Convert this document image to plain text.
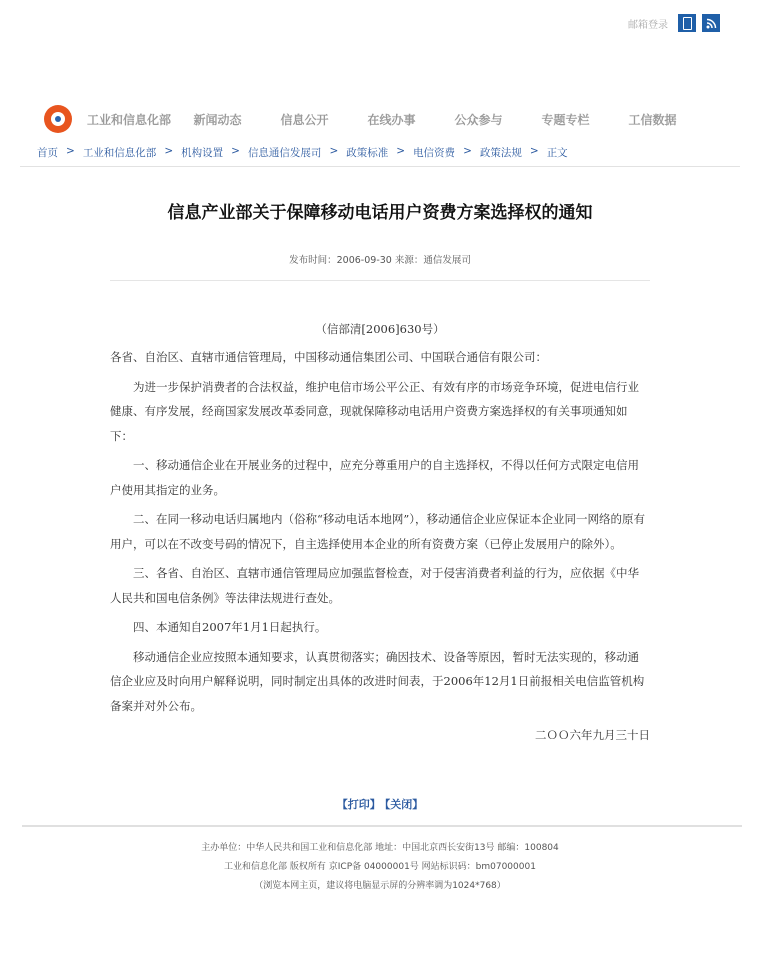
邮箱登录
工业和信息化部	新闻动态	信息公开	在线办事	公众参与	专题专栏	工信数据
首页 > 工业和信息化部 > 机构设置 > 信息通信发展司 > 政策标准 > 电信资费 > 政策法规 > 正文
信息产业部关于保障移动电话用户资费方案选择权的通知
发布时间：2006-09-30 来源：通信发展司
（信部清[2006]630号）

各省、自治区、直辖市通信管理局，中国移动通信集团公司、中国联合通信有限公司：

为进一步保护消费者的合法权益，维护电信市场公平公正、有效有序的市场竞争环境，促进电信行业健康、有序发展，经商国家发展改革委同意，现就保障移动电话用户资费方案选择权的有关事项通知如下：

一、移动通信企业在开展业务的过程中，应充分尊重用户的自主选择权，不得以任何方式限定电信用户使用其指定的业务。

二、在同一移动电话归属地内（俗称“移动电话本地网”），移动通信企业应保证本企业同一网络的原有用户，可以在不改变号码的情况下，自主选择使用本企业的所有资费方案（已停止发展用户的除外）。

三、各省、自治区、直辖市通信管理局应加强监督检查，对于侵害消费者利益的行为，应依据《中华人民共和国电信条例》等法律法规进行查处。

四、本通知自2007年1月1日起执行。

移动通信企业应按照本通知要求，认真贯彻落实；确因技术、设备等原因，暂时无法实现的，移动通信企业应及时向用户解释说明，同时制定出具体的改进时间表，于2006年12月1日前报相关电信监管机构备案并对外公布。

二ＯＯ六年九月三十日

【打印】 【关闭】
主办单位：中华人民共和国工业和信息化部 地址：中国北京西长安街13号 邮编：100804
工业和信息化部 版权所有 京ICP备 04000001号 网站标识码：bm07000001
（浏览本网主页，建议将电脑显示屏的分辨率调为1024*768）
